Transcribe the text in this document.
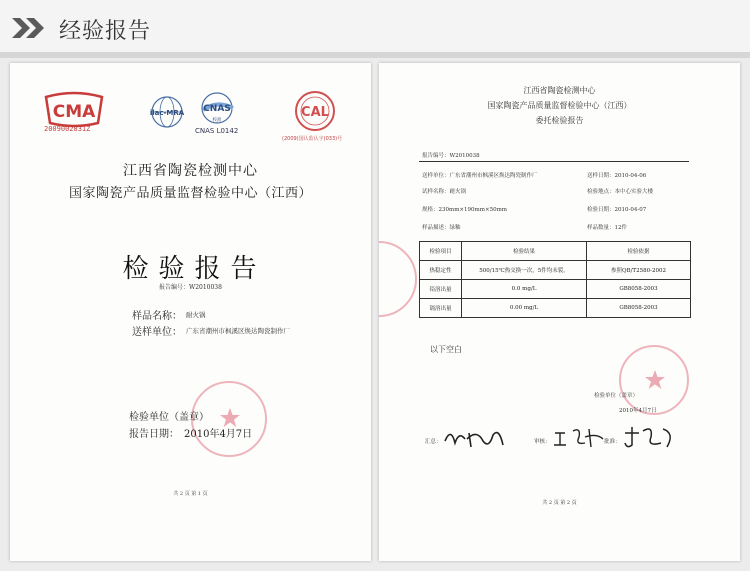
经验报告
CMA
2009002831Z
ilac-MRA CNAS
校准
CNAS L0142
CAL
(2009)国认监认字(033)号
江西省陶瓷检测中心
国家陶瓷产品质量监督检验中心（江西）
检验报告
报告编号：W2010038
样品名称： 耐火锅
送样单位： 广东省潮州市枫溪区焕达陶瓷制作厂
检验单位（盖章）
报告日期： 2010年4月7日
共 2 页 第 1 页
江西省陶瓷检测中心
国家陶瓷产品质量监督检验中心（江西）
委托检验报告
报告编号：W2010038
送样单位：广东省潮州市枫溪区焕达陶瓷制作厂	送样日期：2010-04-06
试样名称：耐火锅	检验地点：本中心实验大楼
规格：230mm×190mm×50mm	检验日期：2010-04-07
样品描述：绿釉	样品数量：12件
检验项目	检验结果	检验依据
热稳定性	500/15℃热交换一次，5件均未裂。	参照QB/T2580-2002
铅溶出量	0.0 mg/L	GB8058-2003
镉溶出量	0.00 mg/L	GB8058-2003
以下空白
检验单位（盖章）
2010年4月7日
汇总：	审核：	批准：
共 2 页 第 2 页
